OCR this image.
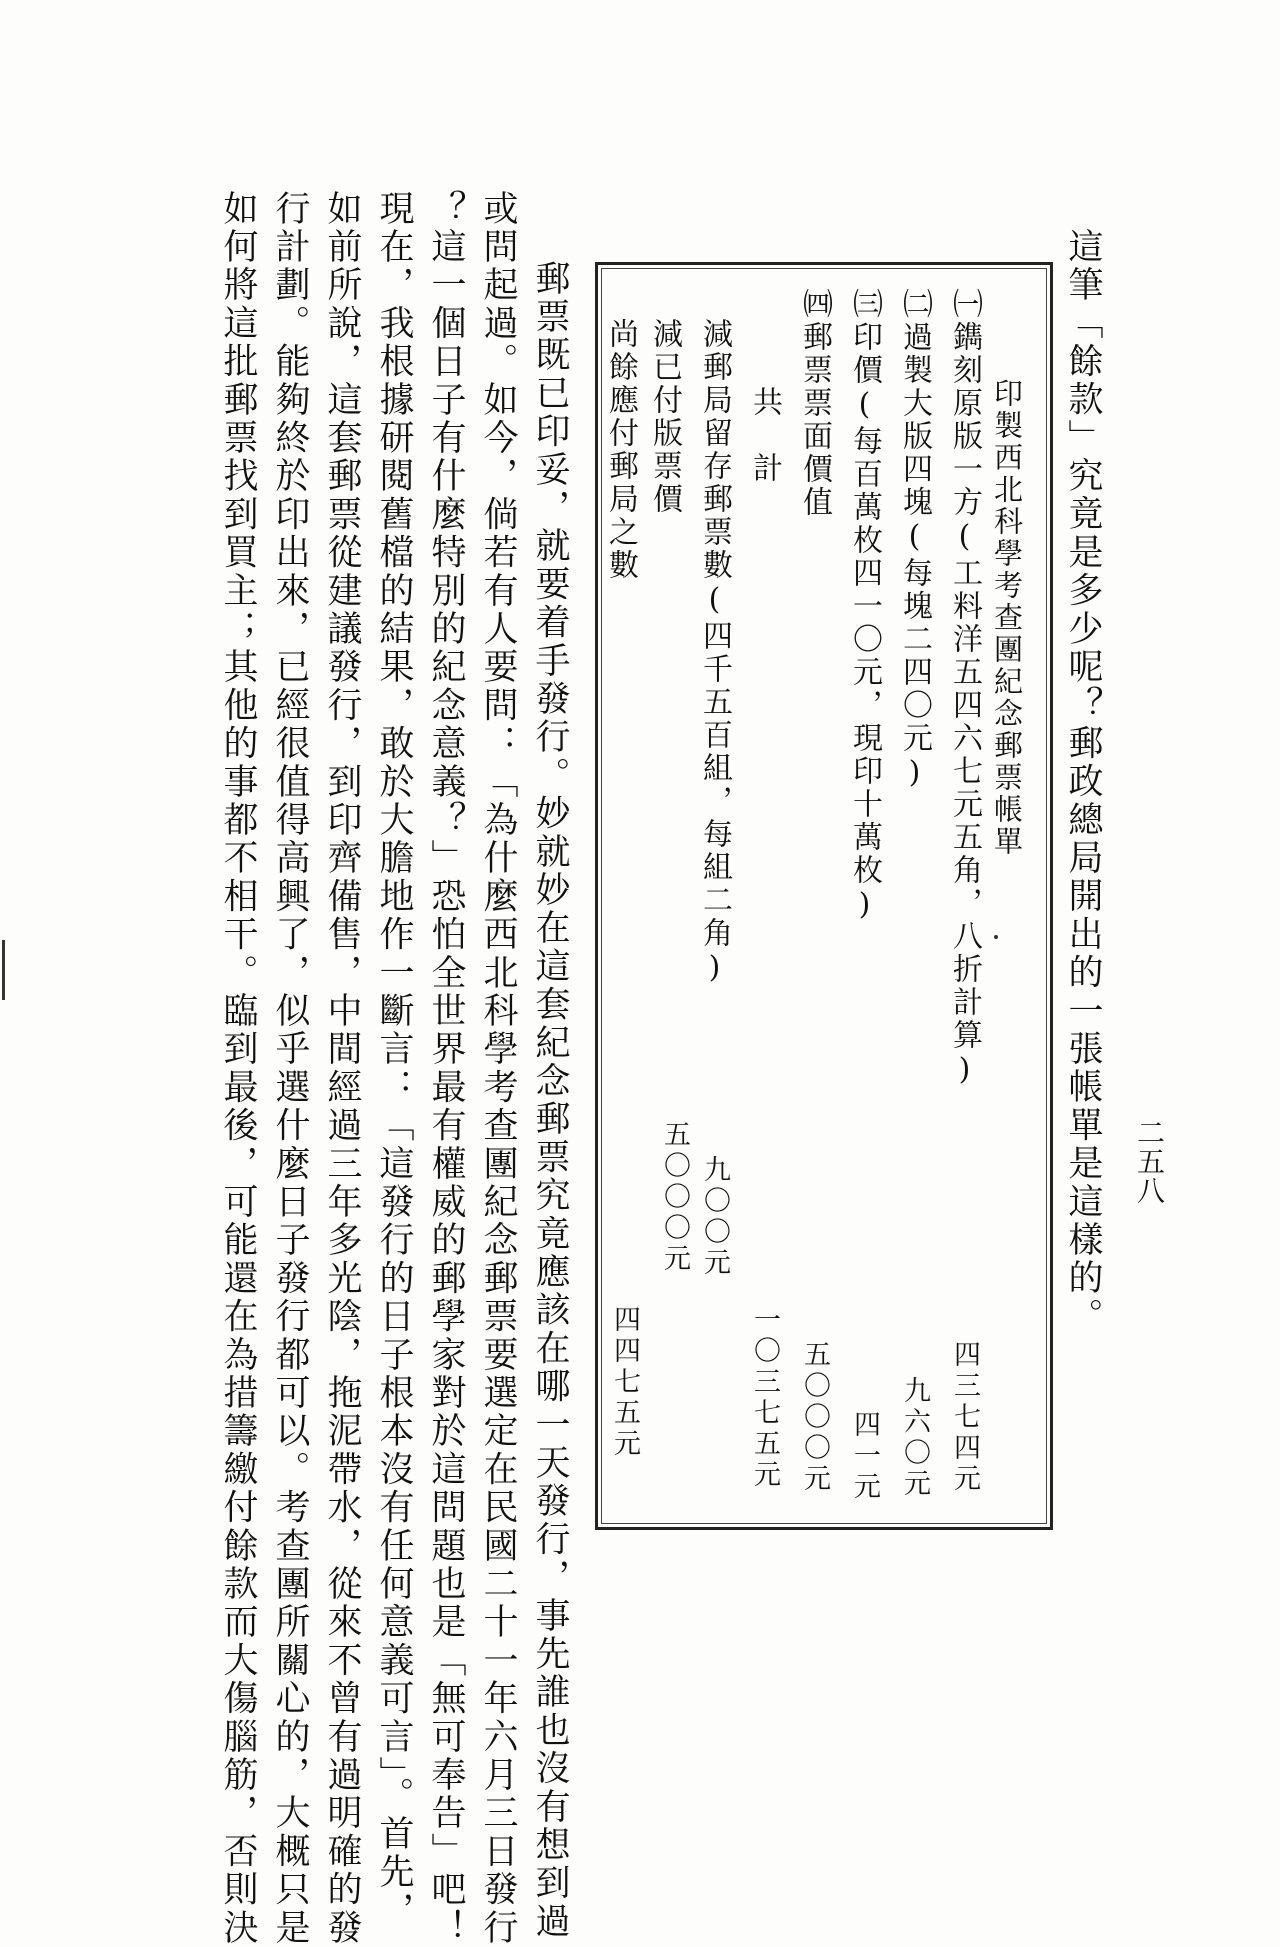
二五八
這筆「餘款」究竟是多少呢？郵政總局開出的一張帳單是這樣的。
印製西北科學考查團紀念郵票帳單
㈠鐫刻原版一方(工料洋五四六七元五角，八折計算)
㈡過製大版四塊(每塊二四〇元)
㈢印價(每百萬枚四一〇元，現印十萬枚)
㈣郵票票面價值
共　計
減郵局留存郵票數(四千五百組，每組二角)
減已付版票價
尚餘應付郵局之數
四三七四元
九六〇元
四一元
五〇〇〇元
一〇三七五元
九〇〇元
五〇〇〇元
四四七五元
郵票既已印妥，就要着手發行。妙就妙在這套紀念郵票究竟應該在哪一天發行，事先誰也沒有想到過
或問起過。如今，倘若有人要問：「為什麼西北科學考查團紀念郵票要選定在民國二十一年六月三日發行
？這一個日子有什麼特別的紀念意義？」恐怕全世界最有權威的郵學家對於這問題也是「無可奉告」吧！
現在，我根據研閱舊檔的結果，敢於大膽地作一斷言：「這發行的日子根本沒有任何意義可言」。首先，
如前所說，這套郵票從建議發行，到印齊備售，中間經過三年多光陰，拖泥帶水，從來不曾有過明確的發
行計劃。能夠終於印出來，已經很值得高興了，似乎選什麼日子發行都可以。考查團所關心的，大概只是
如何將這批郵票找到買主；其他的事都不相干。臨到最後，可能還在為措籌繳付餘款而大傷腦筋，否則決
